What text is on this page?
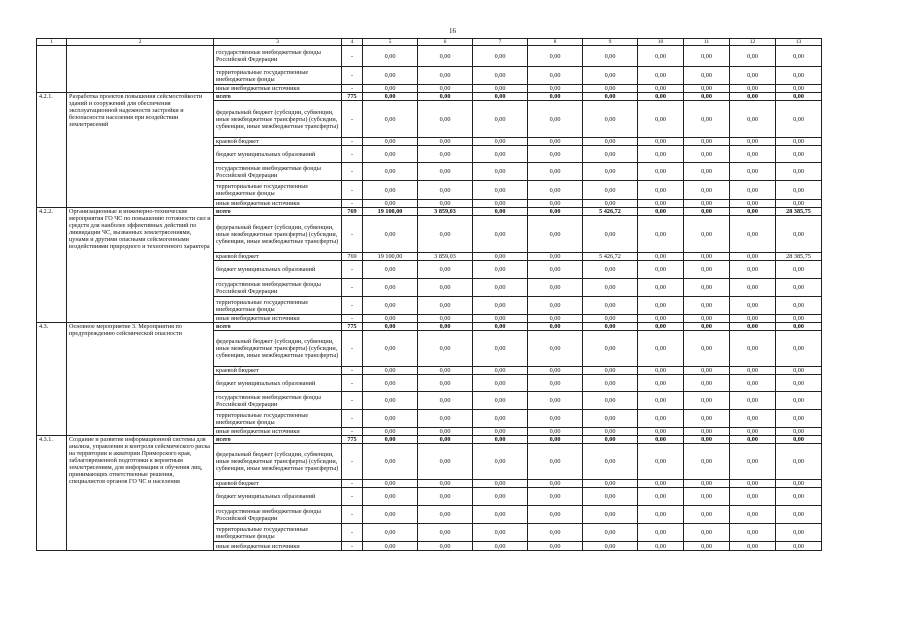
16
1	2	3	4	5	6	7	8	9	10	11	12	13
		государственные внебюджетные фонды Российской Федерации	-	0,00	0,00	0,00	0,00	0,00	0,00	0,00	0,00	0,00
		территориальные государственные внебюджетные фонды	-	0,00	0,00	0,00	0,00	0,00	0,00	0,00	0,00	0,00
		иные внебюджетные источники	-	0,00	0,00	0,00	0,00	0,00	0,00	0,00	0,00	0,00
4.2.1.	Разработка проектов повышения сейсмостойкости зданий и сооружений для обеспечения эксплуатационной надежности застройки и безопасности населения при воздействии землетрясений	всего	775	0,00	0,00	0,00	0,00	0,00	0,00	0,00	0,00	0,00
		федеральный бюджет (субсидии, субвенции, иные межбюджетные трансферты) (субсидии, субвенции, иные межбюджетные трансферты)	-	0,00	0,00	0,00	0,00	0,00	0,00	0,00	0,00	0,00
		краевой бюджет	-	0,00	0,00	0,00	0,00	0,00	0,00	0,00	0,00	0,00
		бюджет муниципальных образований	-	0,00	0,00	0,00	0,00	0,00	0,00	0,00	0,00	0,00
		государственные внебюджетные фонды Российской Федерации	-	0,00	0,00	0,00	0,00	0,00	0,00	0,00	0,00	0,00
		территориальные государственные внебюджетные фонды	-	0,00	0,00	0,00	0,00	0,00	0,00	0,00	0,00	0,00
		иные внебюджетные источники	-	0,00	0,00	0,00	0,00	0,00	0,00	0,00	0,00	0,00
4.2.2.	Организационные и инженерно-технические мероприятия ГО ЧС по повышению готовности сил и средств для наиболее эффективных действий по ликвидации ЧС, вызванных землетрясениями, цунами и другими опасными сейсмогенными воздействиями природного и техногенного характера	всего	769	19 100,00	3 859,03	0,00	0,00	5 426,72	0,00	0,00	0,00	28 385,75
		федеральный бюджет (субсидии, субвенции, иные межбюджетные трансферты) (субсидии, субвенции, иные межбюджетные трансферты)	-	0,00	0,00	0,00	0,00	0,00	0,00	0,00	0,00	0,00
		краевой бюджет	769	19 100,00	3 859,03	0,00	0,00	5 426,72	0,00	0,00	0,00	28 385,75
		бюджет муниципальных образований	-	0,00	0,00	0,00	0,00	0,00	0,00	0,00	0,00	0,00
		государственные внебюджетные фонды Российской Федерации	-	0,00	0,00	0,00	0,00	0,00	0,00	0,00	0,00	0,00
		территориальные государственные внебюджетные фонды	-	0,00	0,00	0,00	0,00	0,00	0,00	0,00	0,00	0,00
		иные внебюджетные источники	-	0,00	0,00	0,00	0,00	0,00	0,00	0,00	0,00	0,00
4.3.	Основное мероприятие 3. Мероприятия по предупреждению сейсмической опасности	всего	775	0,00	0,00	0,00	0,00	0,00	0,00	0,00	0,00	0,00
		федеральный бюджет (субсидии, субвенции, иные межбюджетные трансферты) (субсидии, субвенции, иные межбюджетные трансферты)	-	0,00	0,00	0,00	0,00	0,00	0,00	0,00	0,00	0,00
		краевой бюджет	-	0,00	0,00	0,00	0,00	0,00	0,00	0,00	0,00	0,00
		бюджет муниципальных образований	-	0,00	0,00	0,00	0,00	0,00	0,00	0,00	0,00	0,00
		государственные внебюджетные фонды Российской Федерации	-	0,00	0,00	0,00	0,00	0,00	0,00	0,00	0,00	0,00
		территориальные государственные внебюджетные фонды	-	0,00	0,00	0,00	0,00	0,00	0,00	0,00	0,00	0,00
		иные внебюджетные источники	-	0,00	0,00	0,00	0,00	0,00	0,00	0,00	0,00	0,00
4.3.1.	Создание и развитие информационной системы для анализа, управления и контроля сейсмического риска на территории и акватории Приморского края, заблаговременной подготовки к вероятным землетрясениям, для информации и обучения лиц, принимающих ответственные решения, специалистов органов ГО ЧС и населения	всего	775	0,00	0,00	0,00	0,00	0,00	0,00	0,00	0,00	0,00
		федеральный бюджет (субсидии, субвенции, иные межбюджетные трансферты) (субсидии, субвенции, иные межбюджетные трансферты)	-	0,00	0,00	0,00	0,00	0,00	0,00	0,00	0,00	0,00
		краевой бюджет	-	0,00	0,00	0,00	0,00	0,00	0,00	0,00	0,00	0,00
		бюджет муниципальных образований	-	0,00	0,00	0,00	0,00	0,00	0,00	0,00	0,00	0,00
		государственные внебюджетные фонды Российской Федерации	-	0,00	0,00	0,00	0,00	0,00	0,00	0,00	0,00	0,00
		территориальные государственные внебюджетные фонды	-	0,00	0,00	0,00	0,00	0,00	0,00	0,00	0,00	0,00
		иные внебюджетные источники	-	0,00	0,00	0,00	0,00	0,00	0,00	0,00	0,00	0,00
